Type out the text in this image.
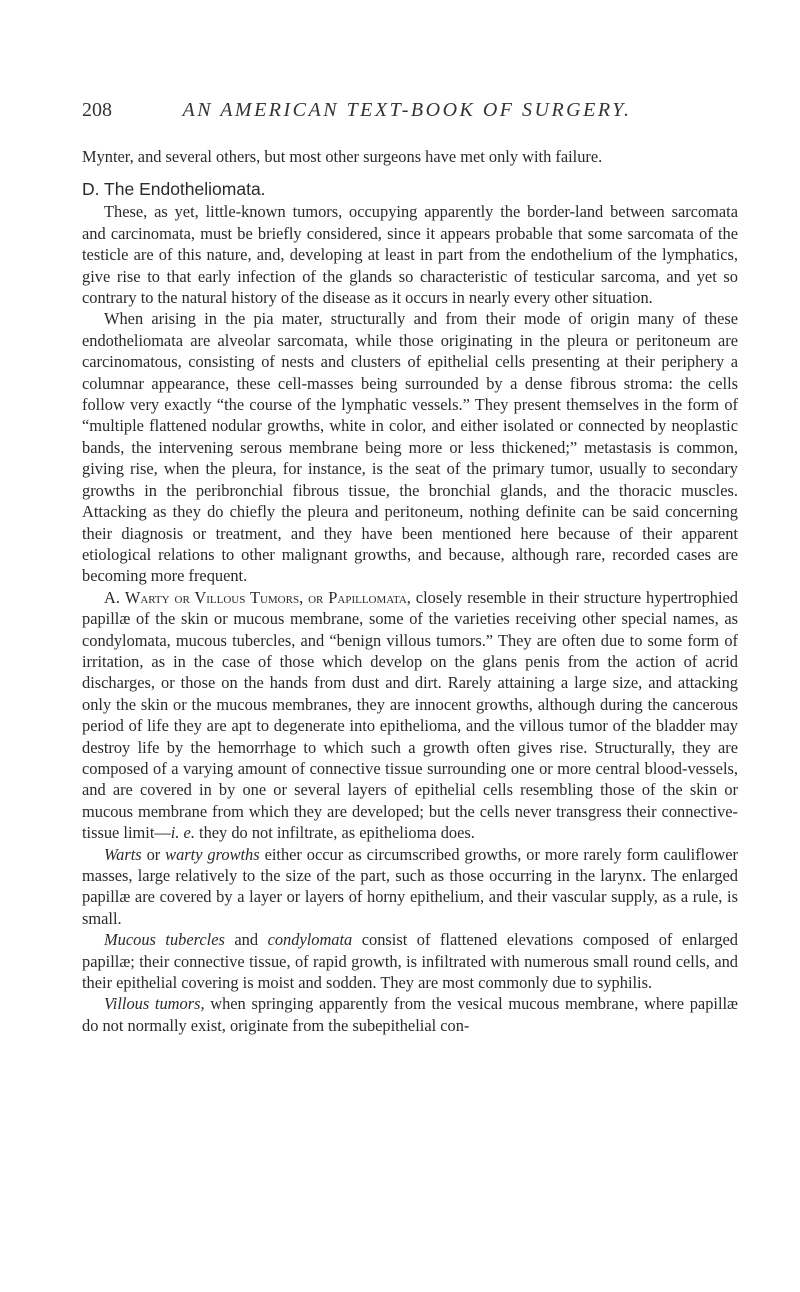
208	AN AMERICAN TEXT-BOOK OF SURGERY.

Mynter, and several others, but most other surgeons have met only with failure.

D. The Endotheliomata.

These, as yet, little-known tumors, occupying apparently the border-land between sarcomata and carcinomata, must be briefly considered, since it appears probable that some sarcomata of the testicle are of this nature, and, developing at least in part from the endothelium of the lymphatics, give rise to that early infection of the glands so characteristic of testicular sarcoma, and yet so contrary to the natural history of the disease as it occurs in nearly every other situation.

When arising in the pia mater, structurally and from their mode of origin many of these endotheliomata are alveolar sarcomata, while those originating in the pleura or peritoneum are carcinomatous, consisting of nests and clusters of epithelial cells presenting at their periphery a columnar appearance, these cell-masses being surrounded by a dense fibrous stroma: the cells follow very exactly “the course of the lymphatic vessels.” They present themselves in the form of “multiple flattened nodular growths, white in color, and either isolated or connected by neoplastic bands, the intervening serous membrane being more or less thickened;” metastasis is common, giving rise, when the pleura, for instance, is the seat of the primary tumor, usually to secondary growths in the peribronchial fibrous tissue, the bronchial glands, and the thoracic muscles. Attacking as they do chiefly the pleura and peritoneum, nothing definite can be said concerning their diagnosis or treatment, and they have been mentioned here because of their apparent etiological relations to other malignant growths, and because, although rare, recorded cases are becoming more frequent.

A. Warty or Villous Tumors, or Papillomata, closely resemble in their structure hypertrophied papillæ of the skin or mucous membrane, some of the varieties receiving other special names, as condylomata, mucous tubercles, and “benign villous tumors.” They are often due to some form of irritation, as in the case of those which develop on the glans penis from the action of acrid discharges, or those on the hands from dust and dirt. Rarely attaining a large size, and attacking only the skin or the mucous membranes, they are innocent growths, although during the cancerous period of life they are apt to degenerate into epithelioma, and the villous tumor of the bladder may destroy life by the hemorrhage to which such a growth often gives rise. Structurally, they are composed of a varying amount of connective tissue surrounding one or more central blood-vessels, and are covered in by one or several layers of epithelial cells resembling those of the skin or mucous membrane from which they are developed; but the cells never transgress their connective-tissue limit—i. e. they do not infiltrate, as epithelioma does.

Warts or warty growths either occur as circumscribed growths, or more rarely form cauliflower masses, large relatively to the size of the part, such as those occurring in the larynx. The enlarged papillæ are covered by a layer or layers of horny epithelium, and their vascular supply, as a rule, is small.

Mucous tubercles and condylomata consist of flattened elevations composed of enlarged papillæ; their connective tissue, of rapid growth, is infiltrated with numerous small round cells, and their epithelial covering is moist and sodden. They are most commonly due to syphilis.

Villous tumors, when springing apparently from the vesical mucous membrane, where papillæ do not normally exist, originate from the subepithelial con-
